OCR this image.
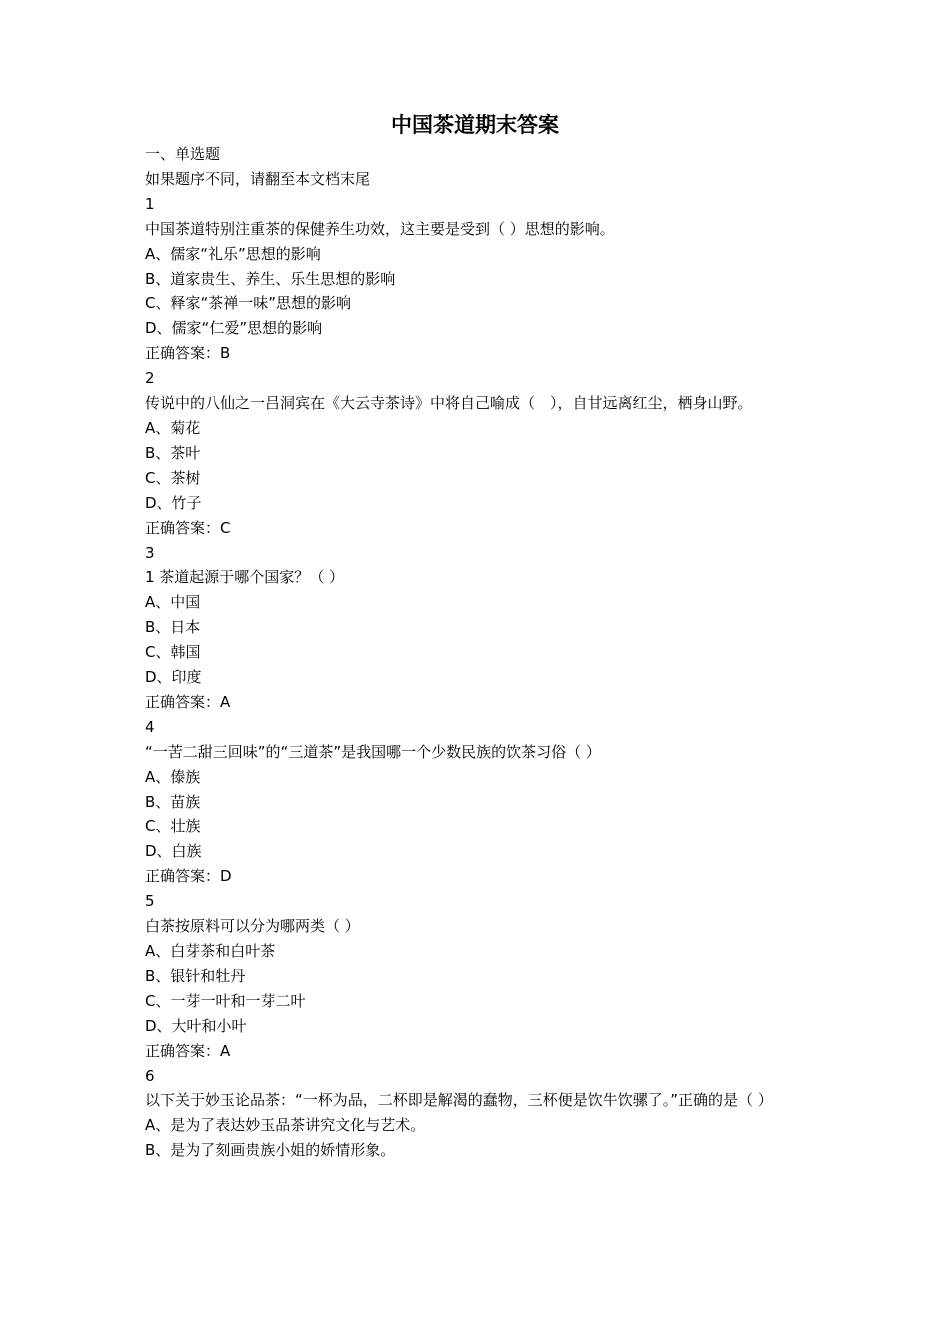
中国茶道期末答案
一、单选题
如果题序不同，请翻至本文档末尾
1
中国茶道特别注重茶的保健养生功效，这主要是受到（ ）思想的影响。
A、儒家“礼乐”思想的影响
B、道家贵生、养生、乐生思想的影响
C、释家“茶禅一味”思想的影响
D、儒家“仁爱”思想的影响
正确答案：B
2
传说中的八仙之一吕洞宾在《大云寺茶诗》中将自己喻成（　），自甘远离红尘，栖身山野。
A、菊花
B、茶叶
C、茶树
D、竹子
正确答案：C
3
1 茶道起源于哪个国家？（ ）
A、中国
B、日本
C、韩国
D、印度
正确答案：A
4
“一苦二甜三回味”的“三道茶”是我国哪一个少数民族的饮茶习俗（ ）
A、傣族
B、苗族
C、壮族
D、白族
正确答案：D
5
白茶按原料可以分为哪两类（ ）
A、白芽茶和白叶茶
B、银针和牡丹
C、一芽一叶和一芽二叶
D、大叶和小叶
正确答案：A
6
以下关于妙玉论品茶：“一杯为品，二杯即是解渴的蠢物，三杯便是饮牛饮骡了。”正确的是（ ）
A、是为了表达妙玉品茶讲究文化与艺术。
B、是为了刻画贵族小姐的娇情形象。
